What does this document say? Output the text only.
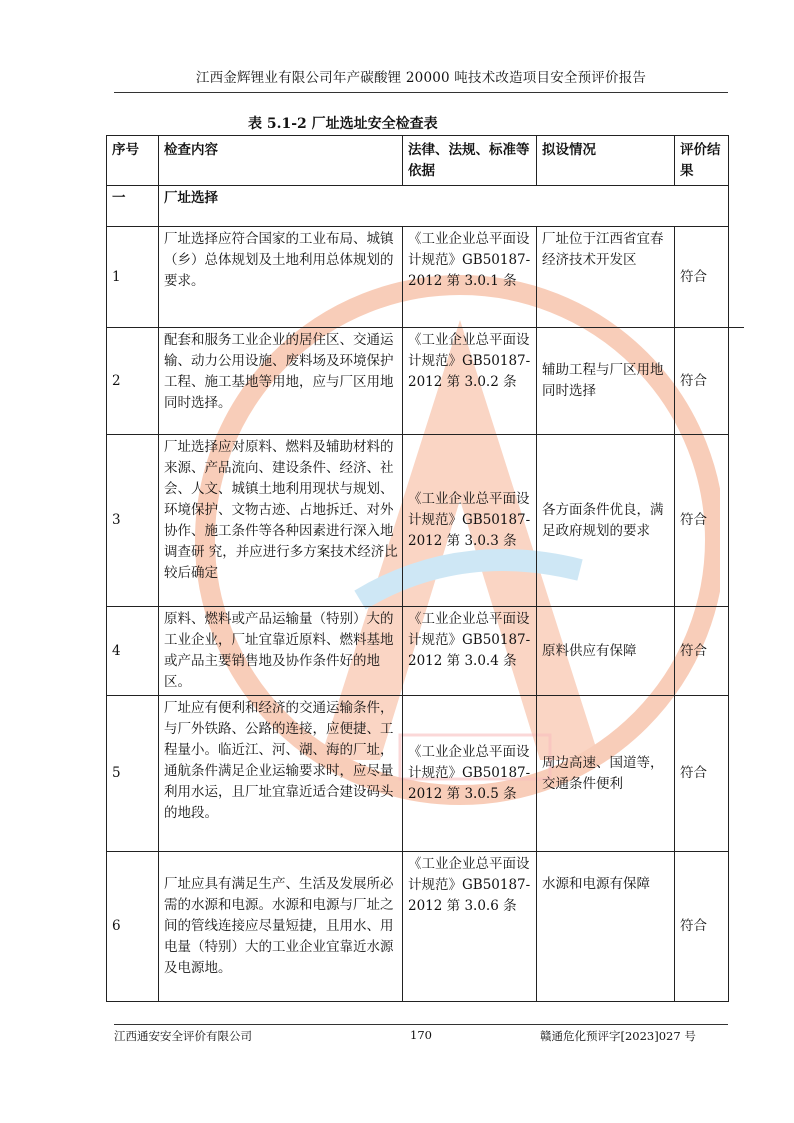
江西金辉锂业有限公司年产碳酸锂 20000 吨技术改造项目安全预评价报告
表 5.1-2 厂址选址安全检查表
序号	检查内容	法律、法规、标准等依据	拟设情况	评价结果
一	厂址选择			
1	厂址选择应符合国家的工业布局、城镇（乡）总体规划及土地利用总体规划的要求。	《工业企业总平面设计规范》GB50187-2012 第 3.0.1 条	厂址位于江西省宜春经济技术开发区	符合
2	配套和服务工业企业的居住区、交通运输、动力公用设施、废料场及环境保护工程、施工基地等用地，应与厂区用地同时选择。	《工业企业总平面设计规范》GB50187-2012 第 3.0.2 条	辅助工程与厂区用地同时选择	符合
3	厂址选择应对原料、燃料及辅助材料的来源、产品流向、建设条件、经济、社会、人文、城镇土地利用现状与规划、 环境保护、文物古迹、占地拆迁、对外协作、施工条件等各种因素进行深入地调查研 究，并应进行多方案技术经济比较后确定	《工业企业总平面设计规范》GB50187-2012 第 3.0.3 条	各方面条件优良，满足政府规划的要求	符合
4	原料、燃料或产品运输量（特别）大的工业企业，厂址宜靠近原料、燃料基地或产品主要销售地及协作条件好的地区。	《工业企业总平面设计规范》GB50187-2012 第 3.0.4 条	原料供应有保障	符合
5	厂址应有便利和经济的交通运输条件，与厂外铁路、公路的连接，应便捷、工程量小。临近江、河、湖、海的厂址，通航条件满足企业运输要求时，应尽量利用水运，且厂址宜靠近适合建设码头的地段。	《工业企业总平面设计规范》GB50187-2012 第 3.0.5 条	周边高速、国道等，交通条件便利	符合
6	厂址应具有满足生产、生活及发展所必需的水源和电源。水源和电源与厂址之间的管线连接应尽量短捷，且用水、用电量（特别）大的工业企业宜靠近水源 及电源地。	《工业企业总平面设计规范》GB50187-2012 第 3.0.6 条	水源和电源有保障	符合
江西通安安全评价有限公司	170	赣通危化预评字[2023]027 号
